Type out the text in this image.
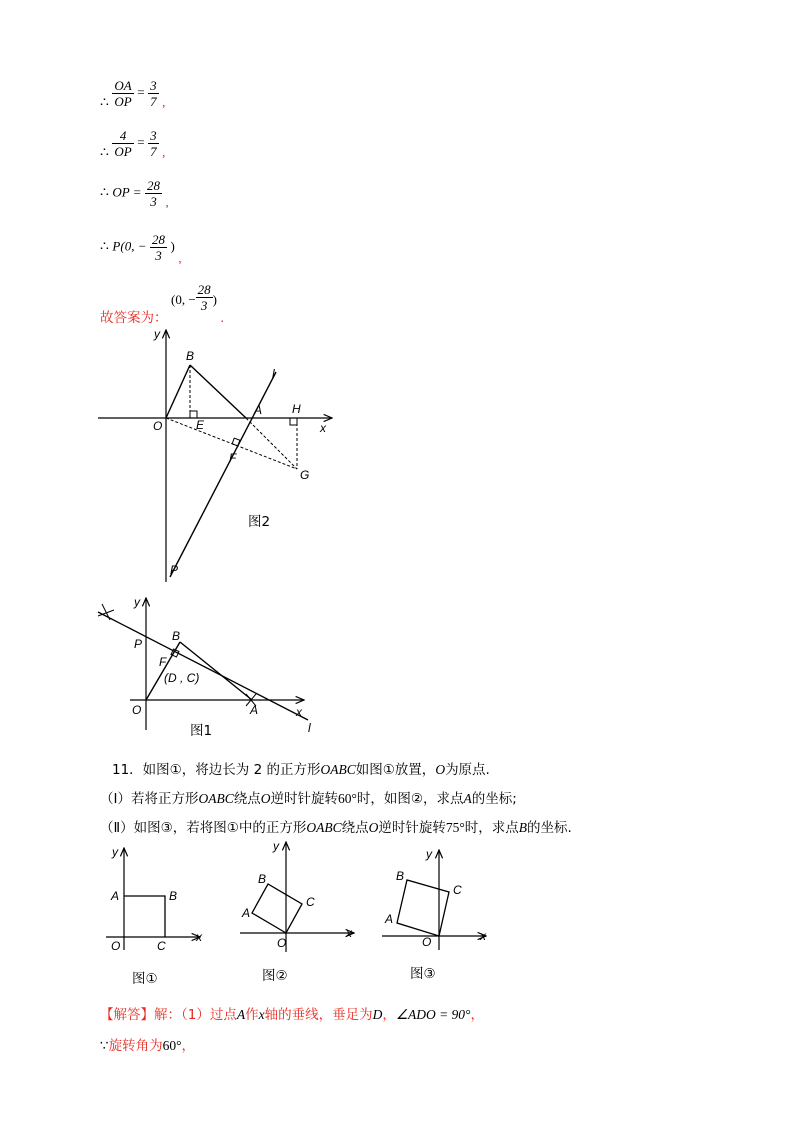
∴ $\frac{OA}{OP} = \frac{3}{7}$ ,
∴ $\frac{4}{OP} = \frac{3}{7}$ ,
∴ OP = $\frac{28}{3}$ ,
∴ P(0, − $\frac{28}{3}$ ) ,
故答案为： (0, − $\frac{28}{3}$ ) .
y
x
B
O	E
A H
F
G
l
P
图2
y
x
P
B
F
(D , C)
O	A
l
图1
11．如图①，将边长为 2 的正方形OABC如图①放置，O为原点.
（Ⅰ）若将正方形OABC绕点O逆时针旋转60°时，如图②，求点A的坐标;
（Ⅱ）如图③，若将图①中的正方形OABC绕点O逆时针旋转75°时，求点B的坐标.
y
x
A	B
O	C
图①
y
x
A
B
O
C
图②
y
x
A
B
O
C
图③
【解答】解：（1）过点A作x轴的垂线，垂足为D，∠ADO = 90°，
∵旋转角为60°，
